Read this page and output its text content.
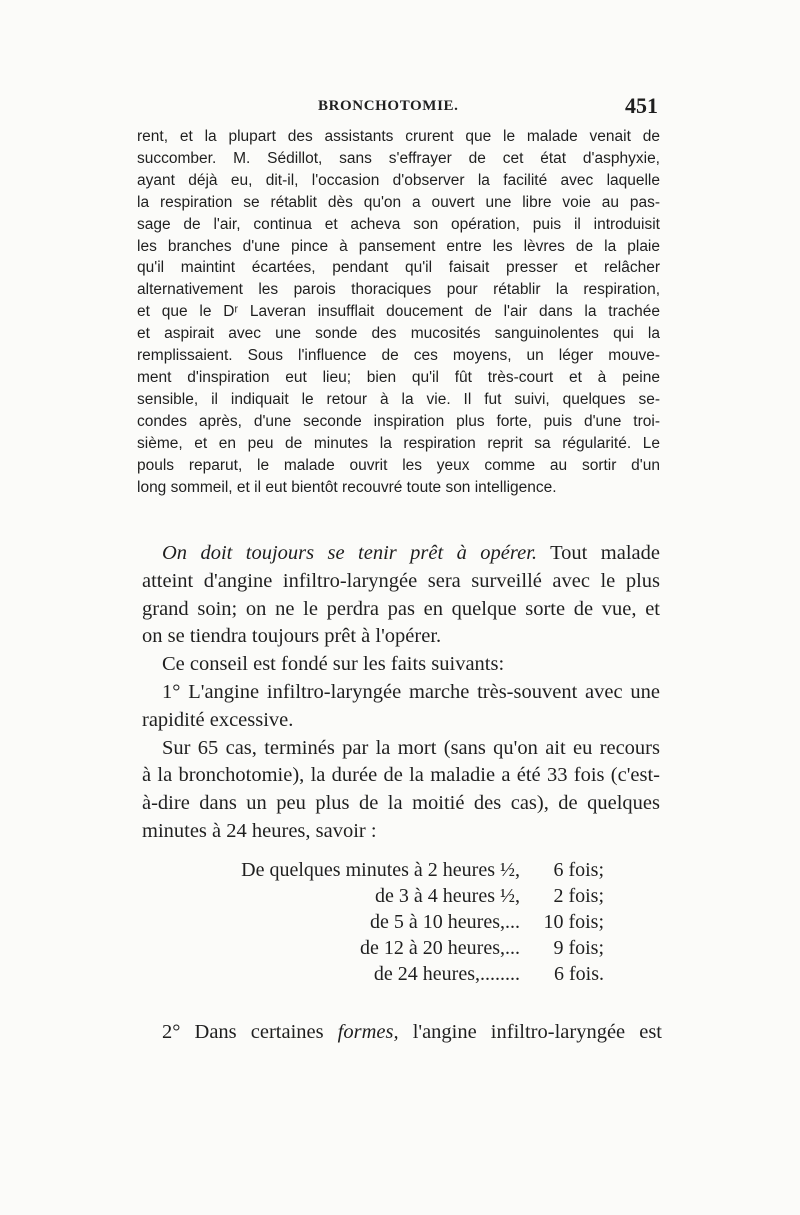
BRONCHOTOMIE.	451
rent, et la plupart des assistants crurent que le malade venait de
succomber. M. Sédillot, sans s'effrayer de cet état d'asphyxie,
ayant déjà eu, dit-il, l'occasion d'observer la facilité avec laquelle
la respiration se rétablit dès qu'on a ouvert une libre voie au pas-
sage de l'air, continua et acheva son opération, puis il introduisit
les branches d'une pince à pansement entre les lèvres de la plaie
qu'il maintint écartées, pendant qu'il faisait presser et relâcher
alternativement les parois thoraciques pour rétablir la respiration,
et que le Dʳ Laveran insufflait doucement de l'air dans la trachée
et aspirait avec une sonde des mucosités sanguinolentes qui la
remplissaient. Sous l'influence de ces moyens, un léger mouve-
ment d'inspiration eut lieu; bien qu'il fût très-court et à peine
sensible, il indiquait le retour à la vie. Il fut suivi, quelques se-
condes après, d'une seconde inspiration plus forte, puis d'une troi-
sième, et en peu de minutes la respiration reprit sa régularité. Le
pouls reparut, le malade ouvrit les yeux comme au sortir d'un
long sommeil, et il eut bientôt recouvré toute son intelligence.
On doit toujours se tenir prêt à opérer. Tout malade
atteint d'angine infiltro-laryngée sera surveillé avec le plus
grand soin; on ne le perdra pas en quelque sorte de vue, et
on se tiendra toujours prêt à l'opérer.
Ce conseil est fondé sur les faits suivants:
1° L'angine infiltro-laryngée marche très-souvent avec une
rapidité excessive.
Sur 65 cas, terminés par la mort (sans qu'on ait eu recours
à la bronchotomie), la durée de la maladie a été 33 fois (c'est-
à-dire dans un peu plus de la moitié des cas), de quelques
minutes à 24 heures, savoir :
De quelques minutes à 2 heures ½, 6 fois;
de 3 à 4 heures ½, 2 fois;
de 5 à 10 heures,... 10 fois;
de 12 à 20 heures,... 9 fois;
de 24 heures,........ 6 fois.
2° Dans certaines formes, l'angine infiltro-laryngée est
